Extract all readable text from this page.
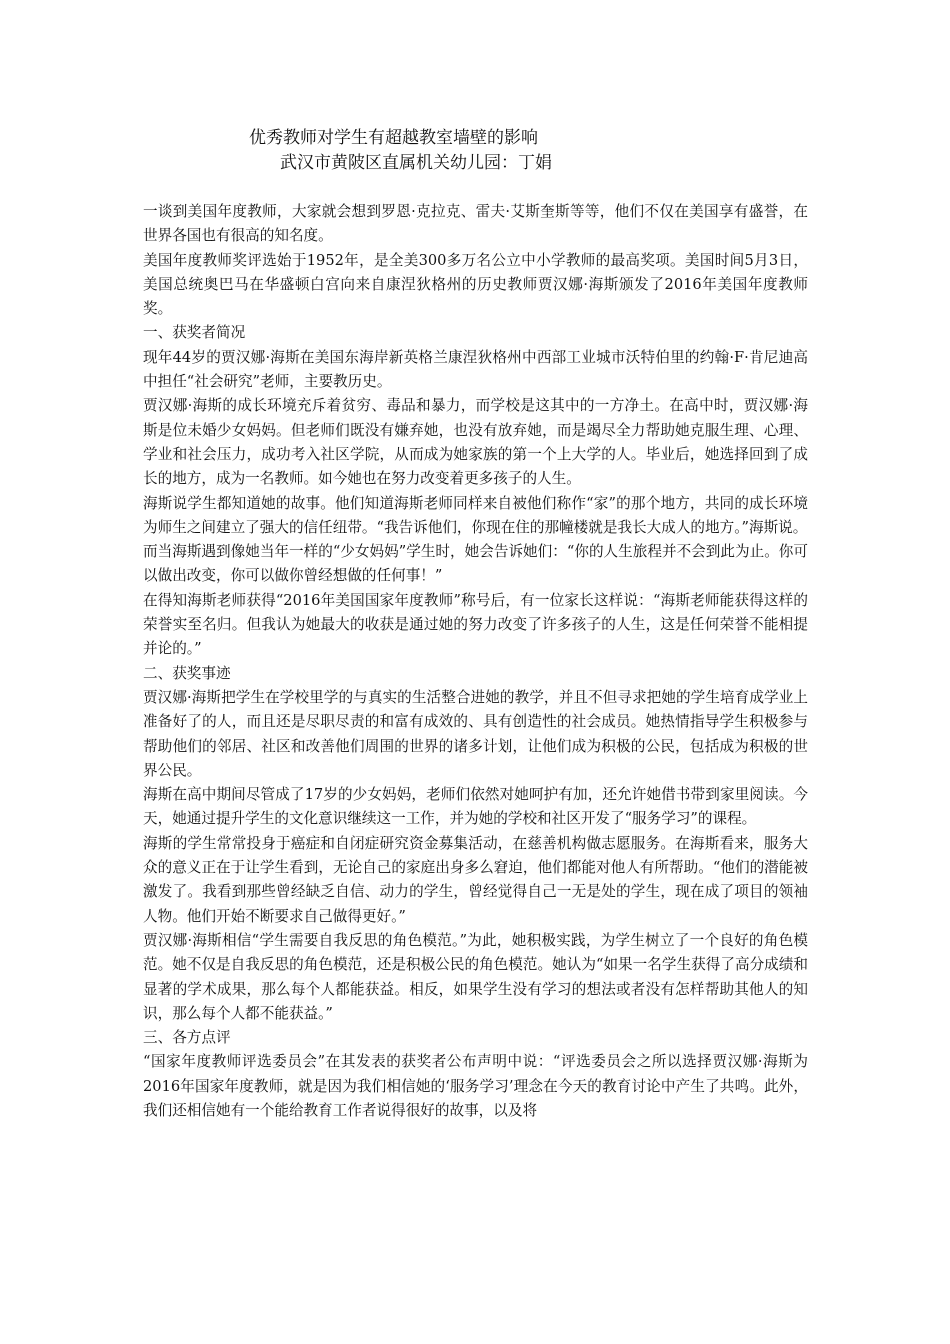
优秀教师对学生有超越教室墙壁的影响
武汉市黄陂区直属机关幼儿园：丁娟

一谈到美国年度教师，大家就会想到罗恩·克拉克、雷夫·艾斯奎斯等等，他们不仅在美国享有盛誉，在世界各国也有很高的知名度。

美国年度教师奖评选始于1952年，是全美300多万名公立中小学教师的最高奖项。美国时间5月3日，美国总统奥巴马在华盛顿白宫向来自康涅狄格州的历史教师贾汉娜·海斯颁发了2016年美国年度教师奖。

一、获奖者简况

现年44岁的贾汉娜·海斯在美国东海岸新英格兰康涅狄格州中西部工业城市沃特伯里的约翰·F·肯尼迪高中担任“社会研究”老师，主要教历史。

贾汉娜·海斯的成长环境充斥着贫穷、毒品和暴力，而学校是这其中的一方净土。在高中时，贾汉娜·海斯是位未婚少女妈妈。但老师们既没有嫌弃她，也没有放弃她，而是竭尽全力帮助她克服生理、心理、学业和社会压力，成功考入社区学院，从而成为她家族的第一个上大学的人。毕业后，她选择回到了成长的地方，成为一名教师。如今她也在努力改变着更多孩子的人生。

海斯说学生都知道她的故事。他们知道海斯老师同样来自被他们称作“家”的那个地方，共同的成长环境为师生之间建立了强大的信任纽带。“我告诉他们，你现在住的那幢楼就是我长大成人的地方。”海斯说。

而当海斯遇到像她当年一样的“少女妈妈”学生时，她会告诉她们：“你的人生旅程并不会到此为止。你可以做出改变，你可以做你曾经想做的任何事！”

在得知海斯老师获得“2016年美国国家年度教师”称号后，有一位家长这样说：“海斯老师能获得这样的荣誉实至名归。但我认为她最大的收获是通过她的努力改变了许多孩子的人生，这是任何荣誉不能相提并论的。”

二、获奖事迹

贾汉娜·海斯把学生在学校里学的与真实的生活整合进她的教学，并且不但寻求把她的学生培育成学业上准备好了的人，而且还是尽职尽责的和富有成效的、具有创造性的社会成员。她热情指导学生积极参与帮助他们的邻居、社区和改善他们周围的世界的诸多计划，让他们成为积极的公民，包括成为积极的世界公民。

海斯在高中期间尽管成了17岁的少女妈妈，老师们依然对她呵护有加，还允许她借书带到家里阅读。今天，她通过提升学生的文化意识继续这一工作，并为她的学校和社区开发了“服务学习”的课程。

海斯的学生常常投身于癌症和自闭症研究资金募集活动，在慈善机构做志愿服务。在海斯看来，服务大众的意义正在于让学生看到，无论自己的家庭出身多么窘迫，他们都能对他人有所帮助。“他们的潜能被激发了。我看到那些曾经缺乏自信、动力的学生，曾经觉得自己一无是处的学生，现在成了项目的领袖人物。他们开始不断要求自己做得更好。”

贾汉娜·海斯相信“学生需要自我反思的角色模范。”为此，她积极实践，为学生树立了一个良好的角色模范。她不仅是自我反思的角色模范，还是积极公民的角色模范。她认为“如果一名学生获得了高分成绩和显著的学术成果，那么每个人都能获益。相反，如果学生没有学习的想法或者没有怎样帮助其他人的知识，那么每个人都不能获益。”

三、各方点评

“国家年度教师评选委员会”在其发表的获奖者公布声明中说：“评选委员会之所以选择贾汉娜·海斯为2016年国家年度教师，就是因为我们相信她的‘服务学习’理念在今天的教育讨论中产生了共鸣。此外，我们还相信她有一个能给教育工作者说得很好的故事，以及将
